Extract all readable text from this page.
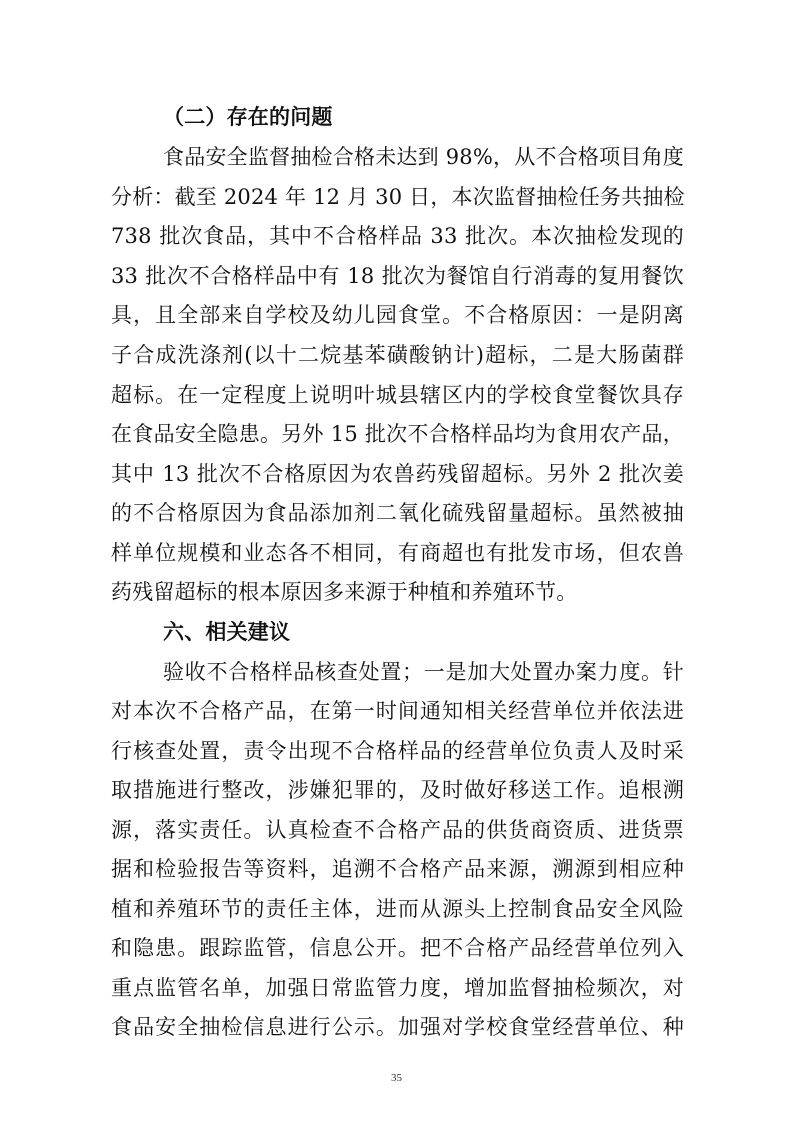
（二）存在的问题
食品安全监督抽检合格未达到 98%，从不合格项目角度
分析：截至 2024 年 12 月 30 日，本次监督抽检任务共抽检
738 批次食品，其中不合格样品 33 批次。本次抽检发现的
33 批次不合格样品中有 18 批次为餐馆自行消毒的复用餐饮
具，且全部来自学校及幼儿园食堂。不合格原因：一是阴离
子合成洗涤剂(以十二烷基苯磺酸钠计)超标，二是大肠菌群
超标。在一定程度上说明叶城县辖区内的学校食堂餐饮具存
在食品安全隐患。另外 15 批次不合格样品均为食用农产品，
其中 13 批次不合格原因为农兽药残留超标。另外 2 批次姜
的不合格原因为食品添加剂二氧化硫残留量超标。虽然被抽
样单位规模和业态各不相同，有商超也有批发市场，但农兽
药残留超标的根本原因多来源于种植和养殖环节。
六、相关建议
验收不合格样品核查处置；一是加大处置办案力度。针
对本次不合格产品，在第一时间通知相关经营单位并依法进
行核查处置，责令出现不合格样品的经营单位负责人及时采
取措施进行整改，涉嫌犯罪的，及时做好移送工作。追根溯
源，落实责任。认真检查不合格产品的供货商资质、进货票
据和检验报告等资料，追溯不合格产品来源，溯源到相应种
植和养殖环节的责任主体，进而从源头上控制食品安全风险
和隐患。跟踪监管，信息公开。把不合格产品经营单位列入
重点监管名单，加强日常监管力度，增加监督抽检频次，对
食品安全抽检信息进行公示。加强对学校食堂经营单位、种
35
